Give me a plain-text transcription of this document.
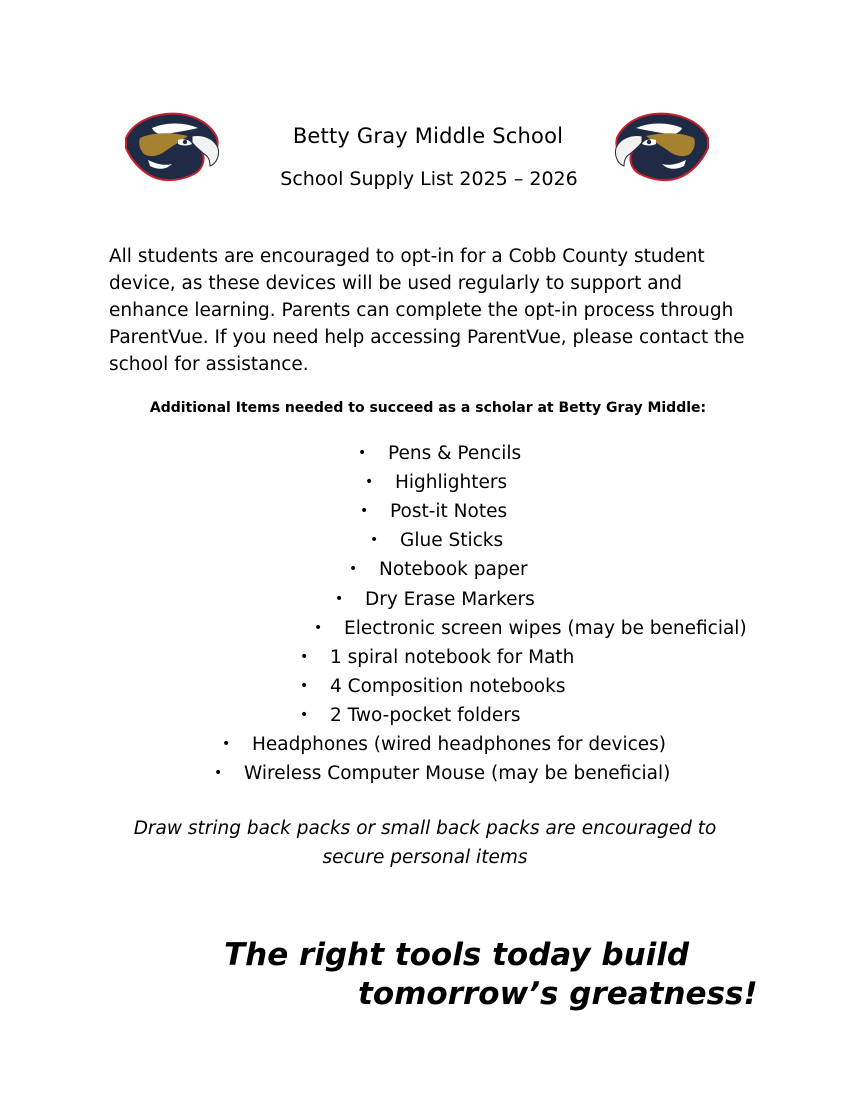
Betty Gray Middle School
School Supply List 2025 – 2026

All students are encouraged to opt-in for a Cobb County student device, as these devices will be used regularly to support and enhance learning. Parents can complete the opt-in process through ParentVue. If you need help accessing ParentVue, please contact the school for assistance.

Additional Items needed to succeed as a scholar at Betty Gray Middle:
• Pens & Pencils
• Highlighters
• Post-it Notes
• Glue Sticks
• Notebook paper
• Dry Erase Markers
• Electronic screen wipes (may be beneficial)
• 1 spiral notebook for Math
• 4 Composition notebooks
• 2 Two-pocket folders
• Headphones (wired headphones for devices)
• Wireless Computer Mouse (may be beneficial)

Draw string back packs or small back packs are encouraged to secure personal items

The right tools today build
tomorrow’s greatness!
